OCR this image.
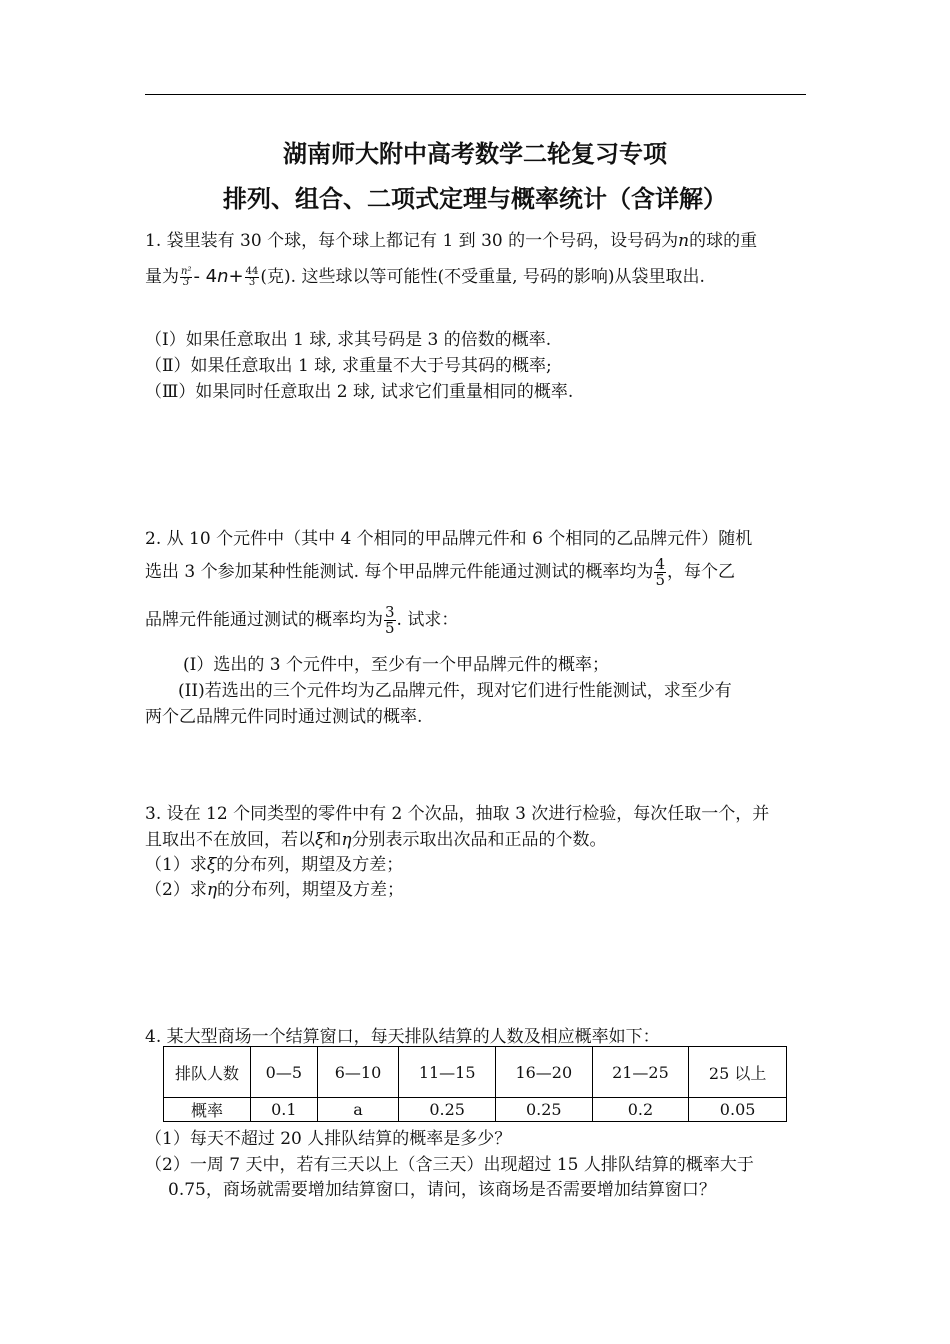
湖南师大附中高考数学二轮复习专项
排列、组合、二项式定理与概率统计（含详解）
1. 袋里装有 30 个球，每个球上都记有 1 到 30 的一个号码，设号码为n的球的重
量为 $\frac{\text{n²}}{3} - 4n+ \frac{44}{3}$ (克). 这些球以等可能性(不受重量, 号码的影响)从袋里取出.
（Ⅰ）如果任意取出 1 球, 求其号码是 3 的倍数的概率.
（Ⅱ）如果任意取出 1 球, 求重量不大于号其码的概率;
（Ⅲ）如果同时任意取出 2 球, 试求它们重量相同的概率.
2. 从 10 个元件中（其中 4 个相同的甲品牌元件和 6 个相同的乙品牌元件）随机
选出 3 个参加某种性能测试. 每个甲品牌元件能通过测试的概率均为 $\frac{4}{5}$ ，每个乙
品牌元件能通过测试的概率均为 $\frac{3}{5}$ . 试求：
(I）选出的 3 个元件中，至少有一个甲品牌元件的概率；
(II)若选出的三个元件均为乙品牌元件，现对它们进行性能测试，求至少有
两个乙品牌元件同时通过测试的概率.
3. 设在 12 个同类型的零件中有 2 个次品，抽取 3 次进行检验，每次任取一个，并
且取出不在放回，若以ξ和η分别表示取出次品和正品的个数。
（1）求ξ的分布列，期望及方差；
（2）求η的分布列，期望及方差；
4. 某大型商场一个结算窗口，每天排队结算的人数及相应概率如下：
排队人数	0—5	6—10	11—15	16—20	21—25	25 以上
概率	0.1	a	0.25	0.25	0.2	0.05
（1）每天不超过 20 人排队结算的概率是多少？
（2）一周 7 天中，若有三天以上（含三天）出现超过 15 人排队结算的概率大于
0.75，商场就需要增加结算窗口，请问，该商场是否需要增加结算窗口？
